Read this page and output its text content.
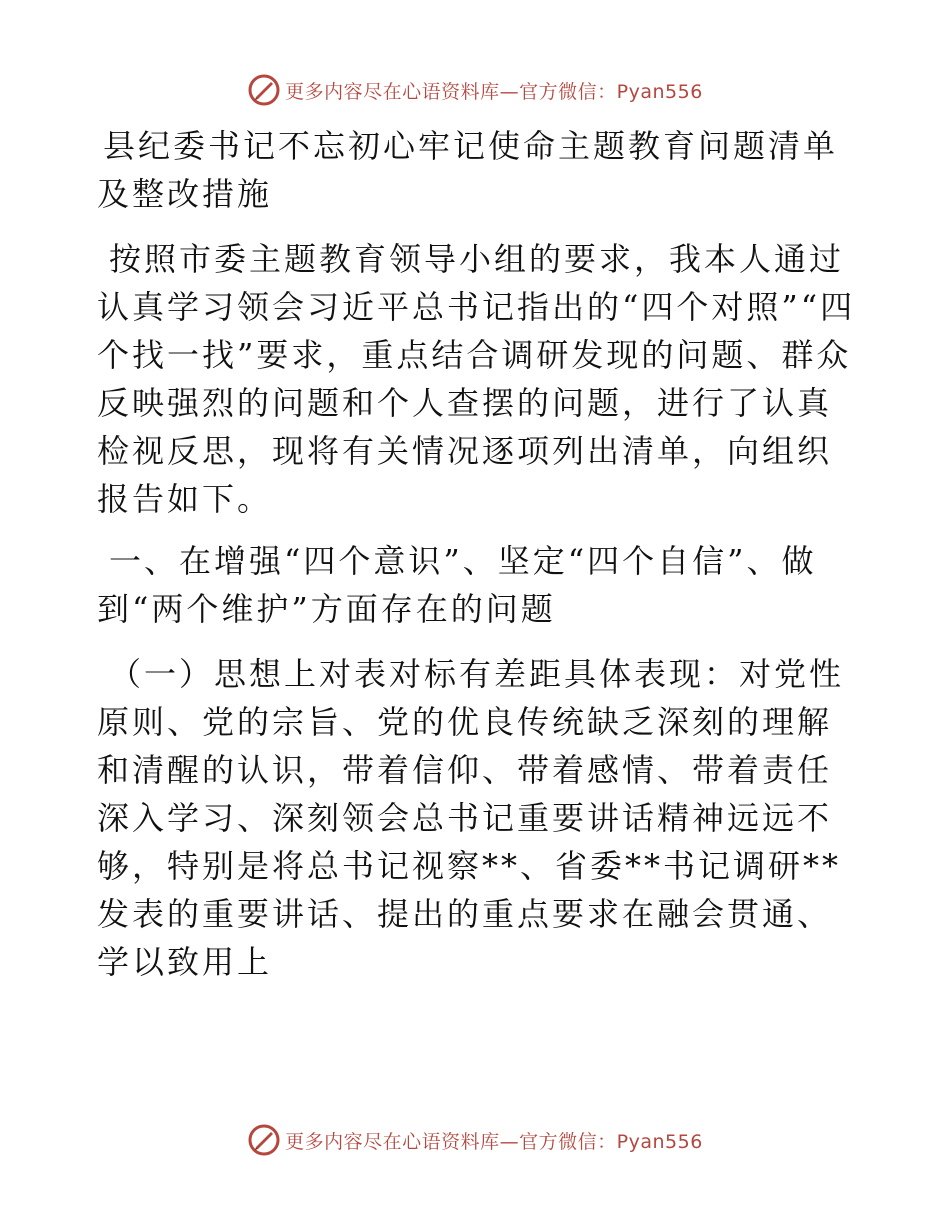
更多内容尽在心语资料库—官方微信：Pyan556

县纪委书记不忘初心牢记使命主题教育问题清单及整改措施

按照市委主题教育领导小组的要求，我本人通过认真学习领会习近平总书记指出的“四个对照”“四个找一找”要求，重点结合调研发现的问题、群众反映强烈的问题和个人查摆的问题，进行了认真检视反思，现将有关情况逐项列出清单，向组织报告如下。

一、在增强“四个意识”、坚定“四个自信”、做到“两个维护”方面存在的问题

（一）思想上对表对标有差距具体表现：对党性原则、党的宗旨、党的优良传统缺乏深刻的理解和清醒的认识，带着信仰、带着感情、带着责任深入学习、深刻领会总书记重要讲话精神远远不够，特别是将总书记视察**、省委**书记调研**发表的重要讲话、提出的重点要求在融会贯通、学以致用上

更多内容尽在心语资料库—官方微信：Pyan556
